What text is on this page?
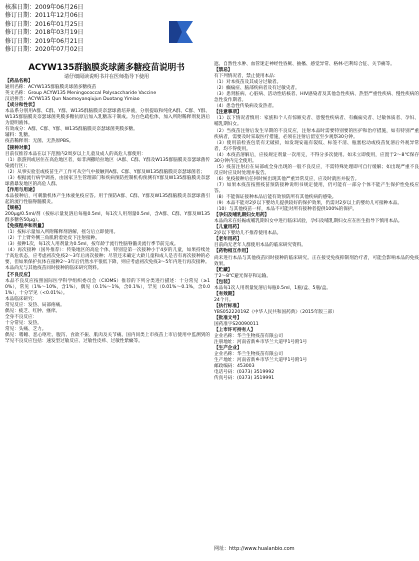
核准日期：2009年06月26日
修订日期：2011年12月06日
修订日期：2016年01月25日
修订日期：2018年03月19日
修订日期：2019年06月21日
修订日期：2020年07月02日
ACYW135群脑膜炎球菌多糖疫苗说明书
请仔细阅读说明书并在医师指导下使用

【药品名称】

通用名称：ACYW135群脑膜炎球菌多糖疫苗

英文名称：Group ACYW135 Meningococcal Polysaccharide Vaccine

汉语拼音：ACYW135 Qun Naomoyanqiujun Duotang Yimiao

【成分和性状】

本品系分别用A群、C群、Y群、W135群脑膜炎奈瑟球菌培养液，分别提取和纯化A群、C群、Y群、W135群脑膜炎奈瑟球菌荚膜多糖抗原后加入乳糖冻干制成。为白色疏松体，加入所附稀释剂复溶后为澄明液体。

有效成分：A群、C群、Y群、W135群脑膜炎奈瑟球菌荚膜多糖。

辅料：乳糖。

疫苗稀释剂：无菌、无热原PBS。

【接种对象】

目前仅推荐本品在以下范围内2周岁以上儿童及成人的高危人群使用：

（1）旅游到或居住在高危地区者，如非洲撒哈拉地区（A群、C群、Y群及W135群脑膜炎奈瑟球菌传染流行区）；

（2）从事实验室或疫苗生产工作可从空气中接触到A群、C群、Y群及W135群脑膜炎奈瑟球菌者；

（3）根据流行病学调查，由国家卫生管理部门和疾病预防控制机构预测有Y群及W135群脑膜炎奈瑟球菌暴发地区的高危人群。

【作用与用途】

本品接种后，可刺激机体产生体液免疫应答。用于预防A群、C群、Y群及W135群脑膜炎奈瑟球菌引起的流行性脑脊髓膜炎。

【规格】

200μg/0.5ml/剂（按标示量复溶后每瓶0.5ml，每1次人用剂量0.5ml，含A群、C群、Y群及W135群多糖各50μg）。

【免疫程序和剂量】

（1）按标示量加入所附稀释剂溶解，摇匀后立即使用。

（2）于上臂外侧三角肌附着处皮下注射接种。

（3）接种1次，每1次人用剂量为0.5ml，按年龄于流行性脑脊髓炎流行季节前完成。

（4）再次接种（国外推荐）：传染地区的高危个体，特别是第一次接种小于4岁的儿童，如果持续处于高危状态，应考虑初次免疫2～3年后再次接种；尽管还未确定大龄儿童和成人是否有再次接种的必要，但如果保护抗体在接种2～3年后仍然水平很低下降，则应考虑初次免疫3～5年内进行再次接种。

本品尚无与其他疫苗同时接种的临床研究资料。

【不良反应】

本品不良反应按照国际医学科学组织委员会（CIOMS）推荐的下列分类进行描述：十分常见（≥10%），常见（1%～10%，含1%），偶见（0.1%～1%，含0.1%），罕见（0.01%～0.1%，含0.01%），十分罕见（<0.01%）。

本品临床研究：

常见反应：发热、局部疼痛。

偶见：疲乏、红肿、瘙痒。

全身不良反应：

十分常见：发热。

常见：头痛、乏力。

偶见：嗜睡、恶心呕吐、腹泻、食欲不振、肌肉及关节痛。国内同类上市疫苗上市后使用中监测到的罕见不良反应包括：速发型过敏反应、过敏性皮疹、过敏性紫癜等。

遮、自然性水肿、血管迷走神经性昏厥、抽搐、感觉异常、格林-巴利综合征、关节痛等。

【禁忌】

有下列情况者，禁止使用本品：

（1）对本疫苗及其成分过敏者。

（2）癫痫症、脑部疾病者及有过敏史者。

（3）患肾脏病、心脏病、活动性结核者、HIV感染者及其他急性疾病、热型严重性疾病、慢性疾病的急性发作期者。

（4）患急性传染病及发热者。

【注意事项】

（1）以下情况者慎用：家族和个人有惊厥史者、患慢性疾病者、有癫痫史者、过敏体质者、孕妇、哺乳期妇女。

（2）当疫苗注射后发生早期的不良反应，注射本品时需要特别要的医护和治疗措施，如有特别严重疾病者，需要及时采取医疗措施，必须在注射后留室至少观察30分钟。

（3）使用前检查包装有无破损，如发现安瓿有裂纹、标签不清、瓶塞松动或疫苗复溶后外观异常者，均不得使用。

（4）本疫苗溶解后，应按规定剂量一次用完，不得分多次使用。如未立即使用，应置于2～8℃保存30分钟内完全使用。

（5）疫苗注射后在局部或全身出现的一般不良反应，不需特殊处理即可自行缓解；如出现严重不良反应时应及时处理并报告。

（6）免疫接种后任何时候出现其他严重异常反应，应及时就医并报告。

（7）如果本疫苗按照疫苗预防接种说明书规定使用，仍可能有一部分个体不能产生保护性免疫应答。

（8）不能保证接种本品后能有效预防所有其他疾病的感染。

（9）本品不能对2岁以下婴幼儿提供较好的保护效果，仍需对2岁以上的婴幼儿可接种本品。

（10）与其他疫苗一样，本品不可能对所有接种者提供100%的保护。

【孕妇及哺乳期妇女用药】

本品尚未在妊娠或哺乳期妇女中进行临床试验，孕妇及哺乳期妇女应在医生指导下慎用本品。

【儿童用药】

2岁以下婴幼儿不推荐使用本品。

【老年用药】

目前尚无老年人群使用本品的临床研究资料。

【药物相互作用】

尚未进行本品与其他疫苗同时接种的临床研究。正在接受免疫抑制剂治疗者，可能会影响本品的免疫效果。

【贮藏】

于2～8℃避光保存和运输。

【包装】

本品每1次人用剂量复溶后每瓶0.5ml，1瓶/盒、5瓶/盒。

【有效期】

24个月。

【执行标准】

YBS05222019Z《中华人民共和国药典》（2015年版三部）

【批准文号】

国药准字S20090011

【上市许可持有人】

企业名称：华兰生物疫苗有限公司

注册地址：河南省新乡市华兰大道甲1号附1号

【生产企业】

企业名称：华兰生物疫苗有限公司

生产地址：河南省新乡市华兰大道甲1号附1号

邮政编码：453003

电话号码：(0373) 3519992

传真号码：(0373) 3519991

网址：http://www.hualanbio.com
